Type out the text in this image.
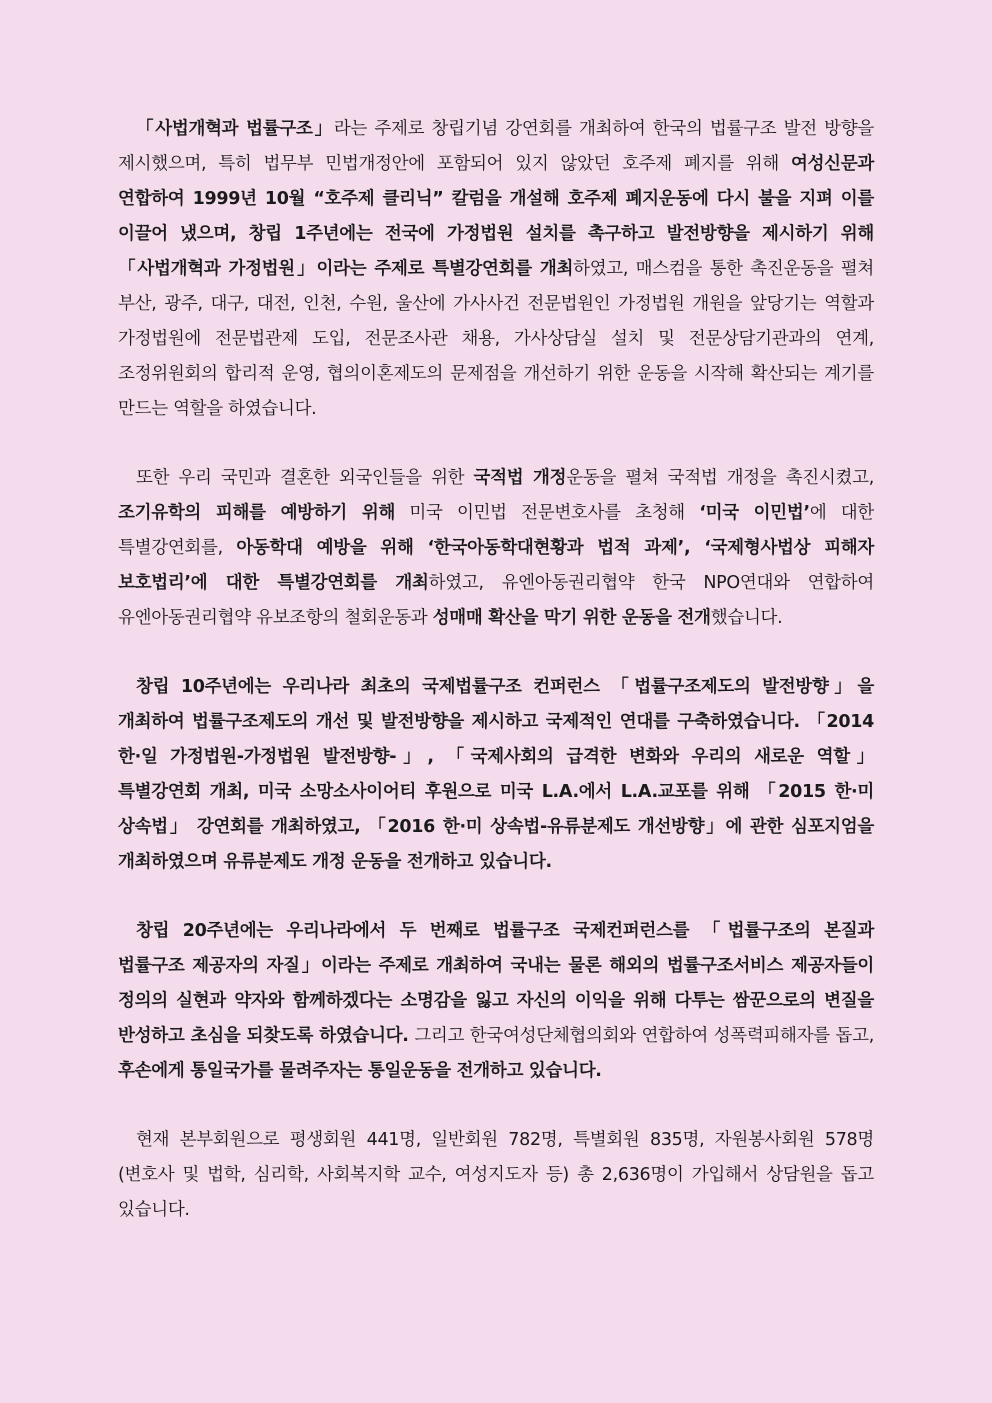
「사법개혁과 법률구조」라는 주제로 창립기념 강연회를 개최하여 한국의 법률구조 발전 방향을 제시했으며, 특히 법무부 민법개정안에 포함되어 있지 않았던 호주제 폐지를 위해 여성신문과 연합하여 1999년 10월 “호주제 클리닉” 칼럼을 개설해 호주제 폐지운동에 다시 불을 지펴 이를 이끌어 냈으며, 창립 1주년에는 전국에 가정법원 설치를 촉구하고 발전방향을 제시하기 위해 「사법개혁과 가정법원」이라는 주제로 특별강연회를 개최하였고, 매스컴을 통한 촉진운동을 펼쳐 부산, 광주, 대구, 대전, 인천, 수원, 울산에 가사사건 전문법원인 가정법원 개원을 앞당기는 역할과 가정법원에 전문법관제 도입, 전문조사관 채용, 가사상담실 설치 및 전문상담기관과의 연계, 조정위원회의 합리적 운영, 협의이혼제도의 문제점을 개선하기 위한 운동을 시작해 확산되는 계기를 만드는 역할을 하였습니다.

또한 우리 국민과 결혼한 외국인들을 위한 국적법 개정운동을 펼쳐 국적법 개정을 촉진시켰고, 조기유학의 피해를 예방하기 위해 미국 이민법 전문변호사를 초청해 ‘미국 이민법’에 대한 특별강연회를, 아동학대 예방을 위해 ‘한국아동학대현황과 법적 과제’, ‘국제형사법상 피해자 보호법리’에 대한 특별강연회를 개최하였고, 유엔아동권리협약 한국 NPO연대와 연합하여 유엔아동권리협약 유보조항의 철회운동과 성매매 확산을 막기 위한 운동을 전개했습니다.

창립 10주년에는 우리나라 최초의 국제법률구조 컨퍼런스 「법률구조제도의 발전방향」을 개최하여 법률구조제도의 개선 및 발전방향을 제시하고 국제적인 연대를 구축하였습니다. 「2014 한·일 가정법원-가정법원 발전방향-」, 「국제사회의 급격한 변화와 우리의 새로운 역할」 특별강연회 개최, 미국 소망소사이어티 후원으로 미국 L.A.에서 L.A.교포를 위해 「2015 한·미 상속법」 강연회를 개최하였고, 「2016 한·미 상속법-유류분제도 개선방향」에 관한 심포지엄을 개최하였으며 유류분제도 개정 운동을 전개하고 있습니다.

창립 20주년에는 우리나라에서 두 번째로 법률구조 국제컨퍼런스를 「법률구조의 본질과 법률구조 제공자의 자질」이라는 주제로 개최하여 국내는 물론 해외의 법률구조서비스 제공자들이 정의의 실현과 약자와 함께하겠다는 소명감을 잃고 자신의 이익을 위해 다투는 쌈꾼으로의 변질을 반성하고 초심을 되찾도록 하였습니다. 그리고 한국여성단체협의회와 연합하여 성폭력피해자를 돕고, 후손에게 통일국가를 물려주자는 통일운동을 전개하고 있습니다.

현재 본부회원으로 평생회원 441명, 일반회원 782명, 특별회원 835명, 자원봉사회원 578명(변호사 및 법학, 심리학, 사회복지학 교수, 여성지도자 등) 총 2,636명이 가입해서 상담원을 돕고 있습니다.
